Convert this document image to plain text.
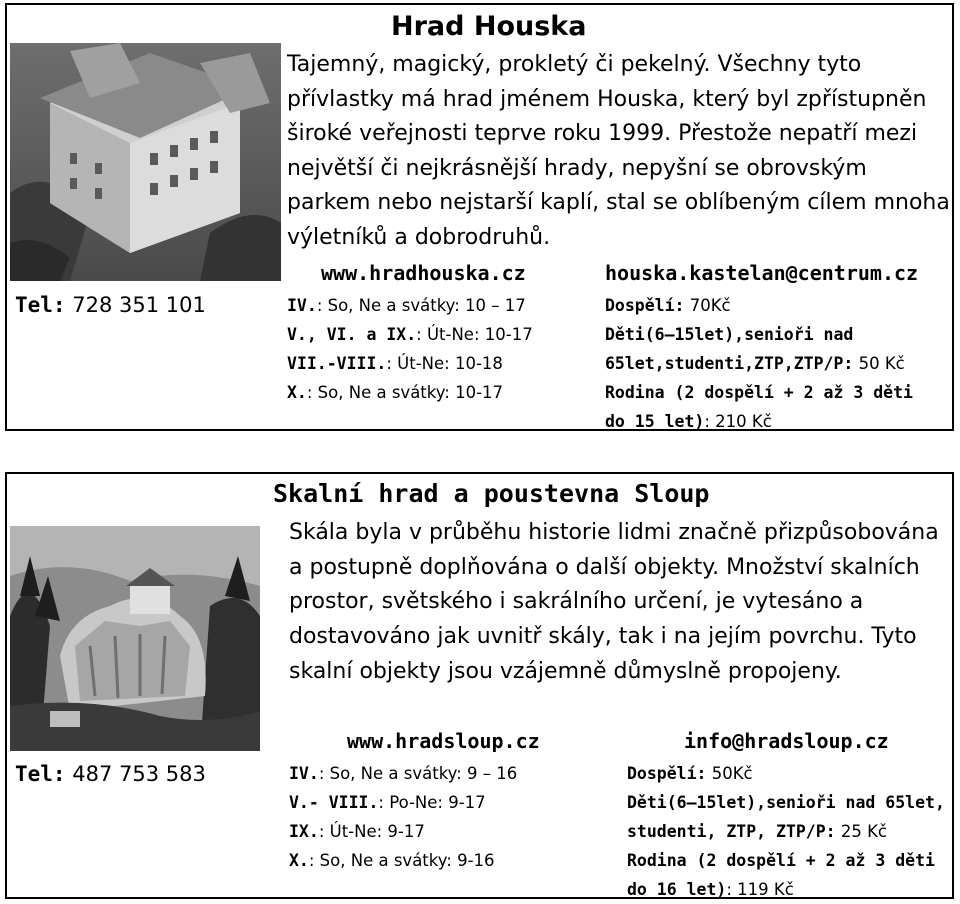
Hrad Houska
Tajemný, magický, prokletý či pekelný. Všechny tyto přívlastky má hrad jménem Houska, který byl zpřístupněn široké veřejnosti teprve roku 1999. Přestože nepatří mezi největší či nejkrásnější hrady, nepyšní se obrovským parkem nebo nejstarší kaplí, stal se oblíbeným cílem mnoha výletníků a dobrodruhů.
www.hradhouska.cz	houska.kastelan@centrum.cz
Tel: 728 351 101	IV.: So, Ne a svátky: 10 – 17
V., VI. a IX.: Út-Ne: 10-17
VII.-VIII.: Út-Ne: 10-18
X.: So, Ne a svátky: 10-17
Dospělí: 70Kč
Děti(6–15let),senioři nad
65let,studenti,ZTP,ZTP/P: 50 Kč
Rodina (2 dospělí + 2 až 3 děti
do 15 let): 210 Kč
Skalní hrad a poustevna Sloup
Skála byla v průběhu historie lidmi značně přizpůsobována a postupně doplňována o další objekty. Množství skalních prostor, světského i sakrálního určení, je vytesáno a dostavováno jak uvnitř skály, tak i na jejím povrchu. Tyto skalní objekty jsou vzájemně důmyslně propojeny.
www.hradsloup.cz	info@hradsloup.cz
Tel: 487 753 583	IV.: So, Ne a svátky: 9 – 16
V.- VIII.: Po-Ne: 9-17
IX.: Út-Ne: 9-17
X.: So, Ne a svátky: 9-16
Dospělí: 50Kč
Děti(6–15let),senioři nad 65let,
studenti, ZTP, ZTP/P: 25 Kč
Rodina (2 dospělí + 2 až 3 děti
do 16 let): 119 Kč
